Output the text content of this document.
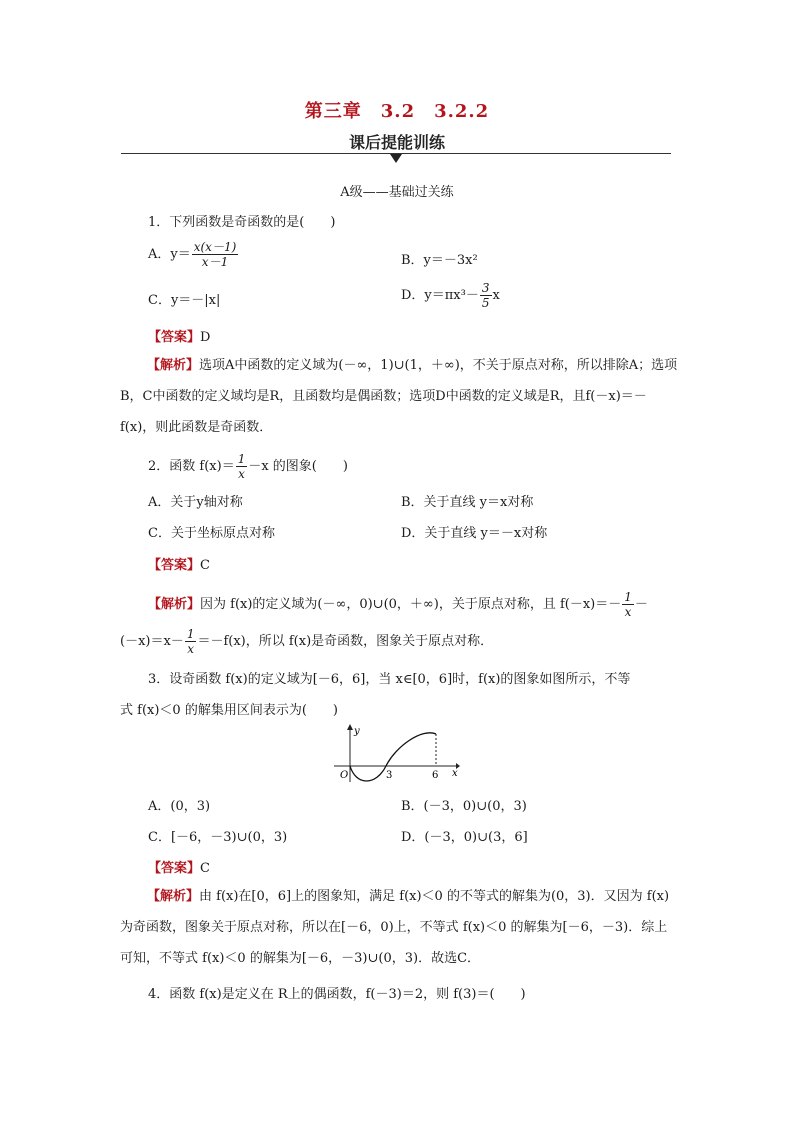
第三章　3.2　3.2.2
课后提能训练
A级——基础过关练
1．下列函数是奇函数的是(　　)
A．$y= \frac{x(x-1)}{x-1}$	B．y＝－3x²
C．y＝－|x|	D．$y=\pi x^3- \frac{3}{5}$ x
【答案】D
【解析】选项A中函数的定义域为(－∞，1)∪(1，＋∞)，不关于原点对称，所以排除A；选项B，C中函数的定义域均是R，且函数均是偶函数；选项D中函数的定义域是R，且f(－x)＝－f(x)，则此函数是奇函数．
2．函数 $f(x)= \frac{1}{x} -x$ 的图象(　　)
A．关于y轴对称	B．关于直线 y＝x对称
C．关于坐标原点对称	D．关于直线 y＝－x对称
【答案】C
【解析】因为 f(x)的定义域为(－∞，0)∪(0，＋∞)，关于原点对称，且 $f(-x)=- \frac{1}{x}$ －
$(-x)=x- \frac{1}{x} =-f(x)$，所以 f(x)是奇函数，图象关于原点对称．
3．设奇函数 f(x)的定义域为[－6，6]，当 x∈[0，6]时，f(x)的图象如图所示，不等
式 f(x)＜0 的解集用区间表示为(　　)
y
x
O	3	6
A．(0，3)	B．(－3，0)∪(0，3)
C．[－6，－3)∪(0，3)	D．(－3，0)∪(3，6]
【答案】C
【解析】由 f(x)在[0，6]上的图象知，满足 f(x)＜0 的不等式的解集为(0，3)．又因为 f(x)为奇函数，图象关于原点对称，所以在[－6，0)上，不等式 f(x)＜0 的解集为[－6，－3)．综上可知，不等式 f(x)＜0 的解集为[－6，－3)∪(0，3)．故选C．
4．函数 f(x)是定义在 R上的偶函数，f(－3)＝2，则 f(3)＝(　　)
